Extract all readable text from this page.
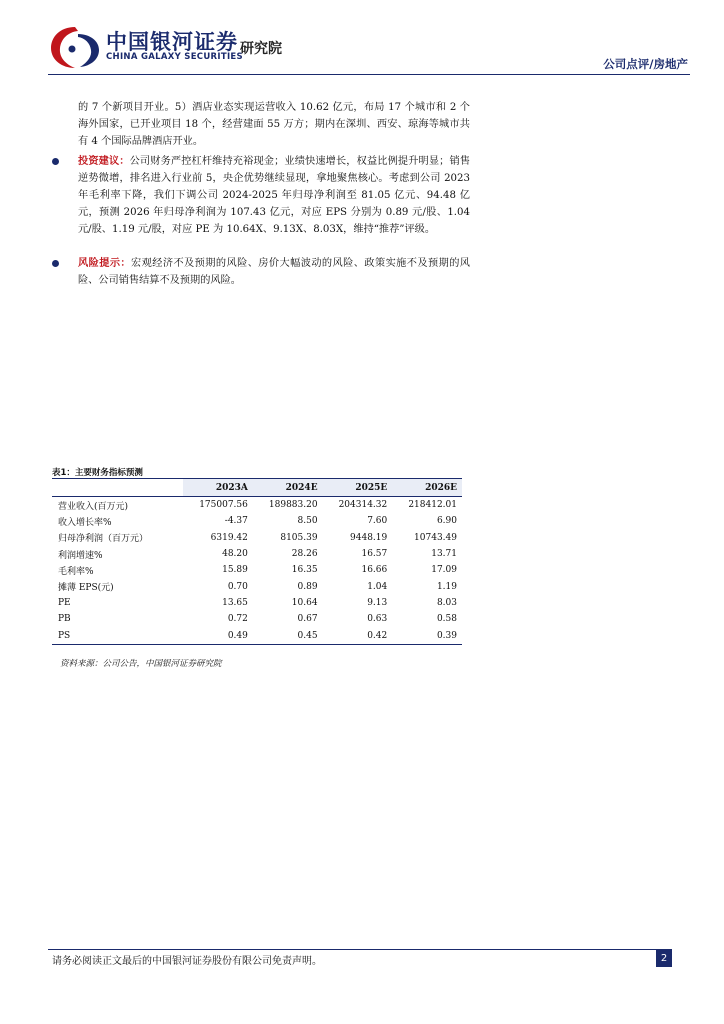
中国银河证券
CHINA GALAXY SECURITIES
研究院
公司点评/房地产
的 7 个新项目开业。5）酒店业态实现运营收入 10.62 亿元，布局 17 个城市和 2 个海外国家，已开业项目 18 个，经营建面 55 万方；期内在深圳、西安、琼海等城市共有 4 个国际品牌酒店开业。
投资建议：公司财务严控杠杆维持充裕现金；业绩快速增长，权益比例提升明显；销售逆势微增，排名进入行业前 5，央企优势继续显现，拿地聚焦核心。考虑到公司 2023 年毛利率下降，我们下调公司 2024-2025 年归母净利润至 81.05 亿元、94.48 亿元，预测 2026 年归母净利润为 107.43 亿元，对应 EPS 分别为 0.89 元/股、1.04 元/股、1.19 元/股，对应 PE 为 10.64X、9.13X、8.03X，维持“推荐”评级。
风险提示：宏观经济不及预期的风险、房价大幅波动的风险、政策实施不及预期的风险、公司销售结算不及预期的风险。
表1：主要财务指标预测
	2023A	2024E	2025E	2026E
营业收入(百万元)	175007.56	189883.20	204314.32	218412.01
收入增长率%	-4.37	8.50	7.60	6.90
归母净利润（百万元）	6319.42	8105.39	9448.19	10743.49
利润增速%	48.20	28.26	16.57	13.71
毛利率%	15.89	16.35	16.66	17.09
摊薄 EPS(元)	0.70	0.89	1.04	1.19
PE	13.65	10.64	9.13	8.03
PB	0.72	0.67	0.63	0.58
PS	0.49	0.45	0.42	0.39
资料来源：公司公告，中国银河证券研究院
请务必阅读正文最后的中国银河证券股份有限公司免责声明。	2
